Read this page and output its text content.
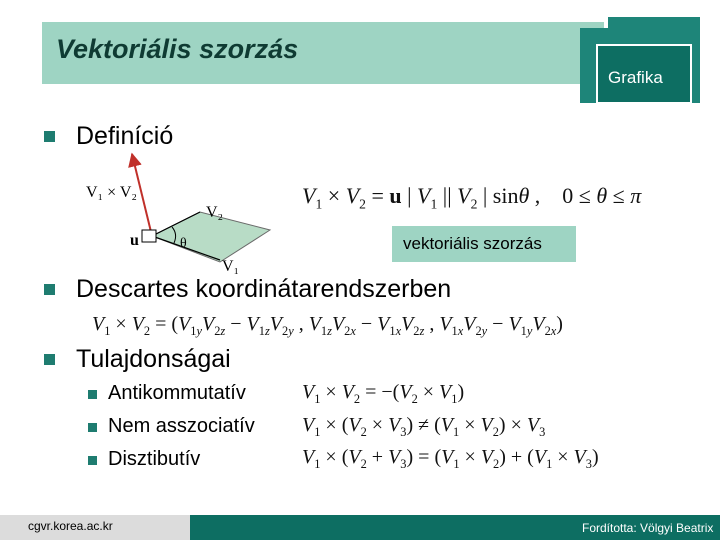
Vektoriális szorzás
Grafika
Definíció
V₁ × V₂
V₂
u	θ
V₁
$V_1 \times V_2 = u$ | $V_1$ || $V_2$ | sinθ ,    0 ≤ θ ≤ π
vektoriális szorzás
Descartes koordinátarendszerben
$V_1 \times V_2 = (V_{1y}V_{2z} - V_{1z}V_{2y}$ , $V_{1z}V_{2x} - V_{1x}V_{2z}$ , $V_{1x}V_{2y} - V_{1y}V_{2x}$)
Tulajdonságai
Antikommutatív	$V_1 \times V_2 = -(V_2 \times V_1)$
Nem asszociatív $V_1 \times (V_2 \times V_3) \ne (V_1 \times V_2) \times V_3$
Disztibutív	$V_1 \times (V_2 + V_3) = (V_1 \times V_2) + (V_1 \times V_3)$
cgvr.korea.ac.kr	Fordította: Völgyi Beatrix
